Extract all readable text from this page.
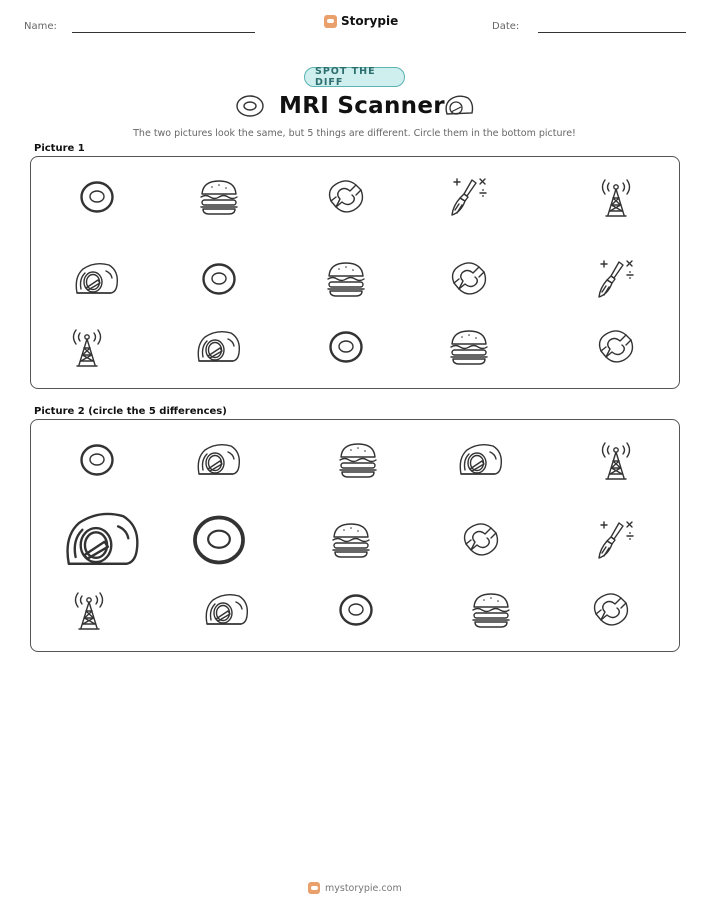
Name:	Storypie	Date:
SPOT THE DIFF
MRI Scanner
The two pictures look the same, but 5 things are different. Circle them in the bottom picture!
Picture 1
Picture 2 (circle the 5 differences)
mystorypie.com
